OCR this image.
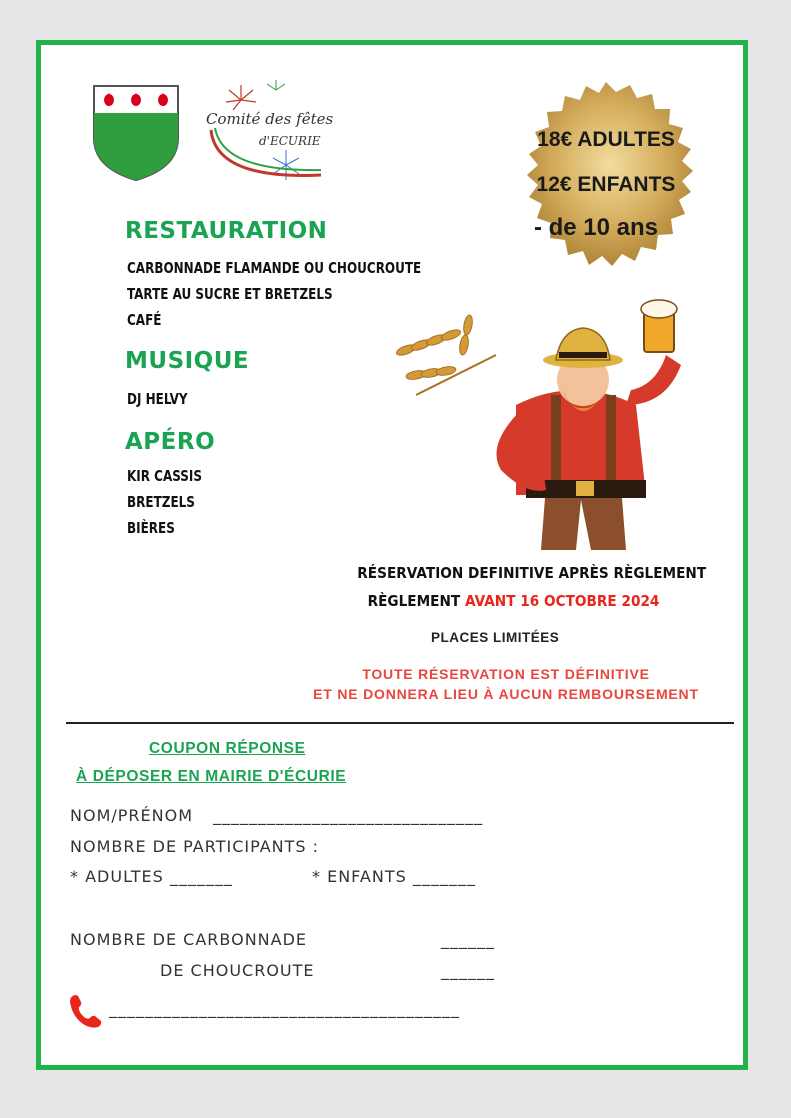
Comité des fêtes
d'ECURIE	18€ ADULTES
12€ ENFANTS
- de 10 ans
RESTAURATION
CARBONNADE FLAMANDE OU CHOUCROUTE
TARTE AU SUCRE ET BRETZELS
CAFÉ
MUSIQUE
DJ HELVY
APÉRO
KIR CASSIS
BRETZELS
BIÈRES
RÉSERVATION DEFINITIVE APRÈS RÈGLEMENT
RÈGLEMENT AVANT 16 OCTOBRE 2024
PLACES LIMITÉES
TOUTE RÉSERVATION EST DÉFINITIVE
ET NE DONNERA LIEU À AUCUN REMBOURSEMENT
COUPON RÉPONSE
À DÉPOSER EN MAIRIE D'ÉCURIE
NOM/PRÉNOM ______________________________
NOMBRE DE PARTICIPANTS :
* ADULTES _______	* ENFANTS _______
NOMBRE DE CARBONNADE	______
DE CHOUCROUTE	______
_______________________________________
